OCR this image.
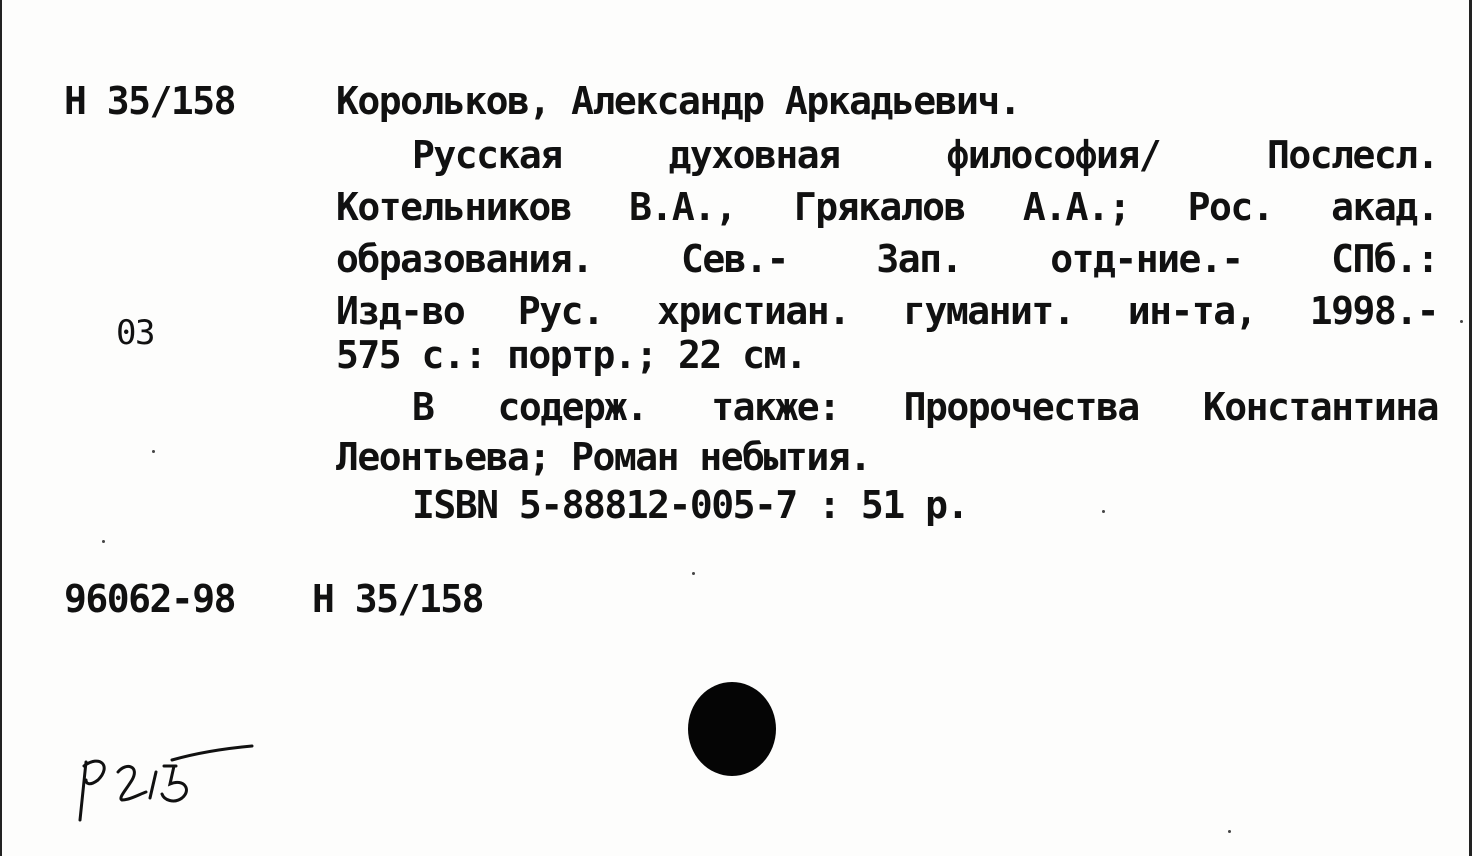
Н 35/158	Корольков, Александр Аркадьевич.
Русская	духовная	философия/	Послесл.
Котельников В.А., Грякалов А.А.; Рос. акад.
образования. Сев.- Зап. отд-ние.- СПб.:
Изд-во Рус. христиан. гуманит. ин-та, 1998.-
03	575 с.: портр.; 22 см.
В содерж. также: Пророчества Константина
Леонтьева; Роман небытия.
ISBN 5-88812-005-7 : 51 р.
96062-98 Н 35/158
